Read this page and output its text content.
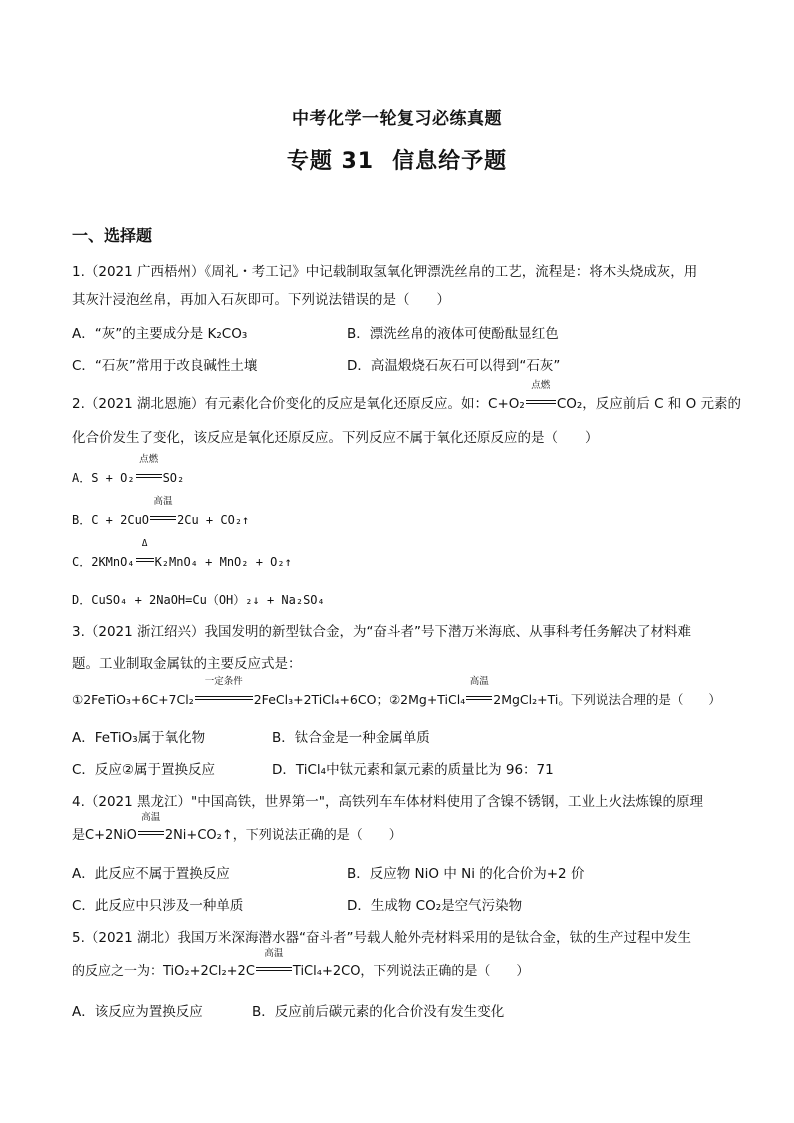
中考化学一轮复习必练真题
专题 31 信息给予题
一、选择题
1.（2021 广西梧州）《周礼・考工记》中记载制取氢氧化钾漂洗丝帛的工艺，流程是：将木头烧成灰，用
其灰汁浸泡丝帛，再加入石灰即可。下列说法错误的是（　　）
A．“灰”的主要成分是 K₂CO₃	B．漂洗丝帛的液体可使酚酞显红色
C．“石灰”常用于改良碱性土壤	D．高温煅烧石灰石可以得到“石灰”
2.（2021 湖北恩施）有元素化合价变化的反应是氧化还原反应。如：C+O₂
点燃
CO₂，反应前后 C 和 O 元素的
化合价发生了变化，该反应是氧化还原反应。下列反应不属于氧化还原反应的是（　　）
A．S + O₂
点燃
SO₂
B．C + 2CuO
高温
2Cu + CO₂↑
C．2KMnO₄
Δ
K₂MnO₄ + MnO₂ + O₂↑
D．CuSO₄ + 2NaOH=Cu（OH）₂↓ + Na₂SO₄
3.（2021 浙江绍兴）我国发明的新型钛合金，为“奋斗者”号下潜万米海底、从事科考任务解决了材料难
题。工业制取金属钛的主要反应式是：
①2FeTiO₃+6C+7Cl₂
一定条件
2FeCl₃+2TiCl₄+6CO；②2Mg+TiCl₄
高温
2MgCl₂+Ti。下列说法合理的是（　　）
A．FeTiO₃属于氧化物	B．钛合金是一种金属单质
C．反应②属于置换反应	D．TiCl₄中钛元素和氯元素的质量比为 96：71
4.（2021 黑龙江）"中国高铁，世界第一"，高铁列车车体材料使用了含镍不锈钢，工业上火法炼镍的原理
是C+2NiO
高温
2Ni+CO₂↑，下列说法正确的是（　　）
A．此反应不属于置换反应	B．反应物 NiO 中 Ni 的化合价为+2 价
C．此反应中只涉及一种单质	D．生成物 CO₂是空气污染物
5.（2021 湖北）我国万米深海潜水器“奋斗者”号载人舱外壳材料采用的是钛合金，钛的生产过程中发生
的反应之一为：TiO₂+2Cl₂+2C
高温
TiCl₄+2CO，下列说法正确的是（　　）
A．该反应为置换反应	B．反应前后碳元素的化合价没有发生变化
